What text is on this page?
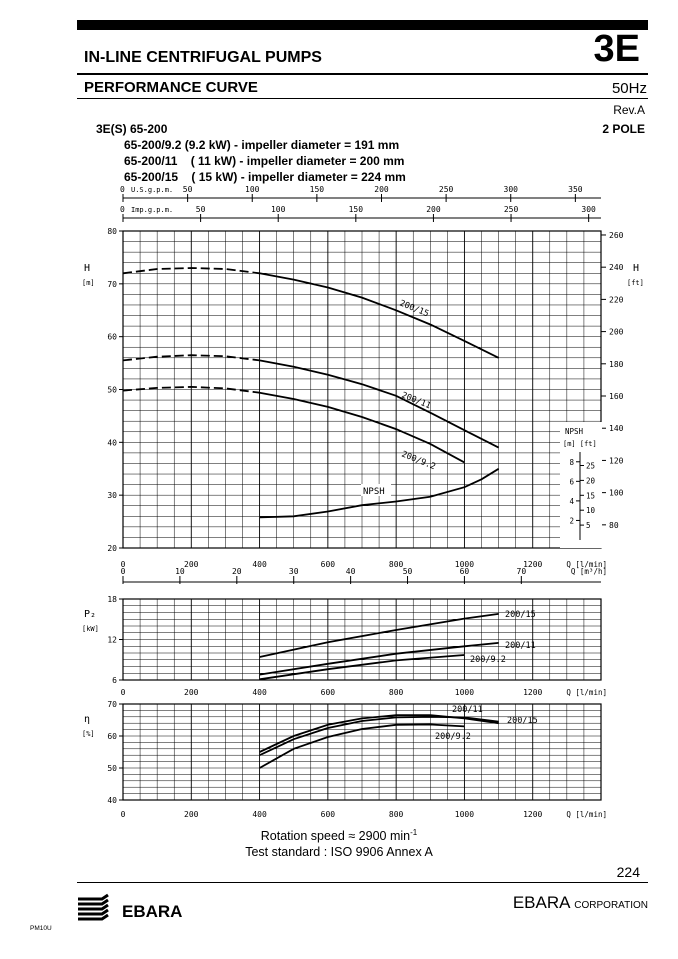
IN-LINE CENTRIFUGAL PUMPS	3E
PERFORMANCE CURVE	50Hz
Rev.A
3E(S) 65-200	2 POLE
65-200/9.2 (9.2 kW) - impeller diameter = 191 mm
65-200/11    ( 11 kW) - impeller diameter = 200 mm
65-200/15    ( 15 kW) - impeller diameter = 224 mm
20
30
40
50
60
70
80
0	200	400	600	800	1000	1200	Q [l/min]
H
[m]
6
12
18
0	200	400	600	800	1000	1200	Q [l/min]
P₂
[kW]
40
50
60
70
0	200	400	600	800	1000	1200	Q [l/min]
η
[%]
200/15
200/11
200/9.2
NPSH
80
100
120
140
160
180
200
220
240
260
H
[ft]
NPSH
[m] [ft]
2
4
6
8
5
10
15
20
25
0	50	100	150	200	250	300	350
U.S.g.p.m.
0	50	100	150	200	250	300
Imp.g.p.m.
0	10	20	30	40	50	60	70	Q [m³/h]
200/15
200/11
200/9.2
200/15
200/11
200/9.2
Rotation speed ≈ 2900 $\min^{-1}$
Test standard : ISO 9906 Annex A
224
EBARA	EBARA CORPORATION
PM10U
